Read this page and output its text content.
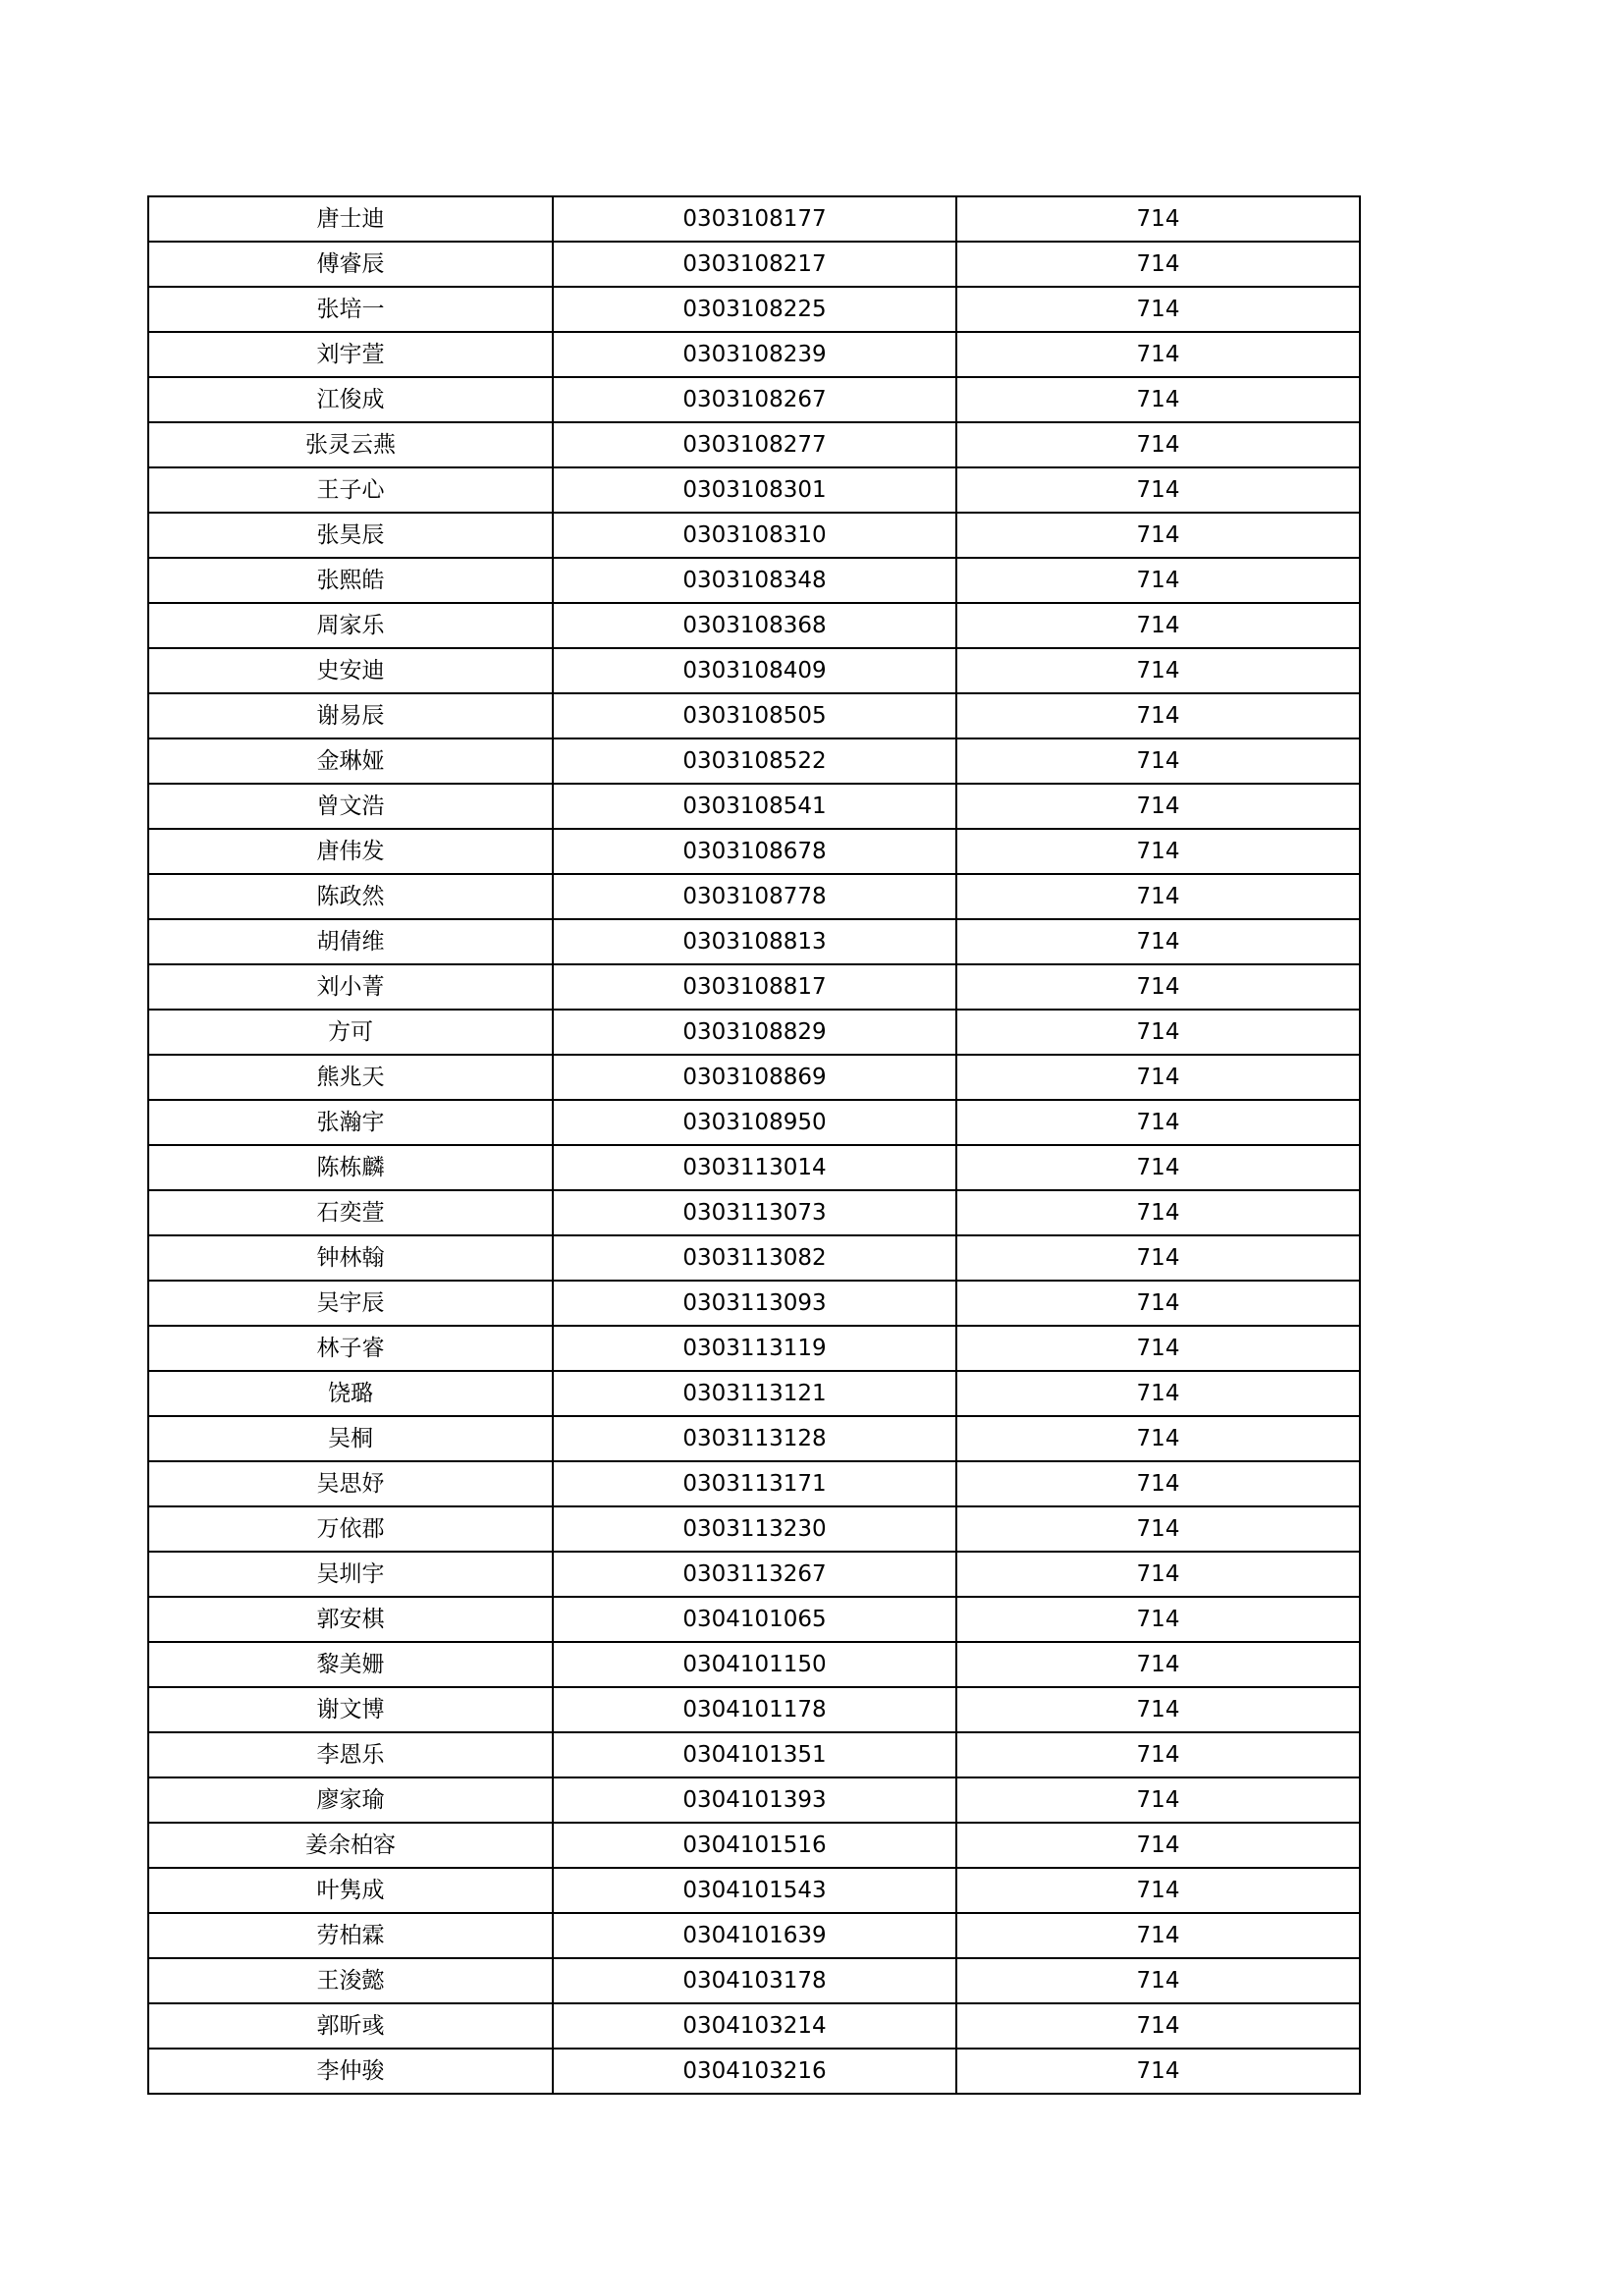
唐士迪	0303108177	714
傅睿辰	0303108217	714
张培一	0303108225	714
刘宇萱	0303108239	714
江俊成	0303108267	714
张灵云燕	0303108277	714
王子心	0303108301	714
张昊辰	0303108310	714
张熙皓	0303108348	714
周家乐	0303108368	714
史安迪	0303108409	714
谢易辰	0303108505	714
金琳娅	0303108522	714
曾文浩	0303108541	714
唐伟发	0303108678	714
陈政然	0303108778	714
胡倩维	0303108813	714
刘小菁	0303108817	714
方可	0303108829	714
熊兆天	0303108869	714
张瀚宇	0303108950	714
陈栋麟	0303113014	714
石奕萱	0303113073	714
钟林翰	0303113082	714
吴宇辰	0303113093	714
林子睿	0303113119	714
饶璐	0303113121	714
吴桐	0303113128	714
吴思妤	0303113171	714
万依郡	0303113230	714
吴圳宇	0303113267	714
郭安棋	0304101065	714
黎美姗	0304101150	714
谢文博	0304101178	714
李恩乐	0304101351	714
廖家瑜	0304101393	714
姜余柏容	0304101516	714
叶隽成	0304101543	714
劳柏霖	0304101639	714
王浚懿	0304103178	714
郭昕彧	0304103214	714
李仲骏	0304103216	714
